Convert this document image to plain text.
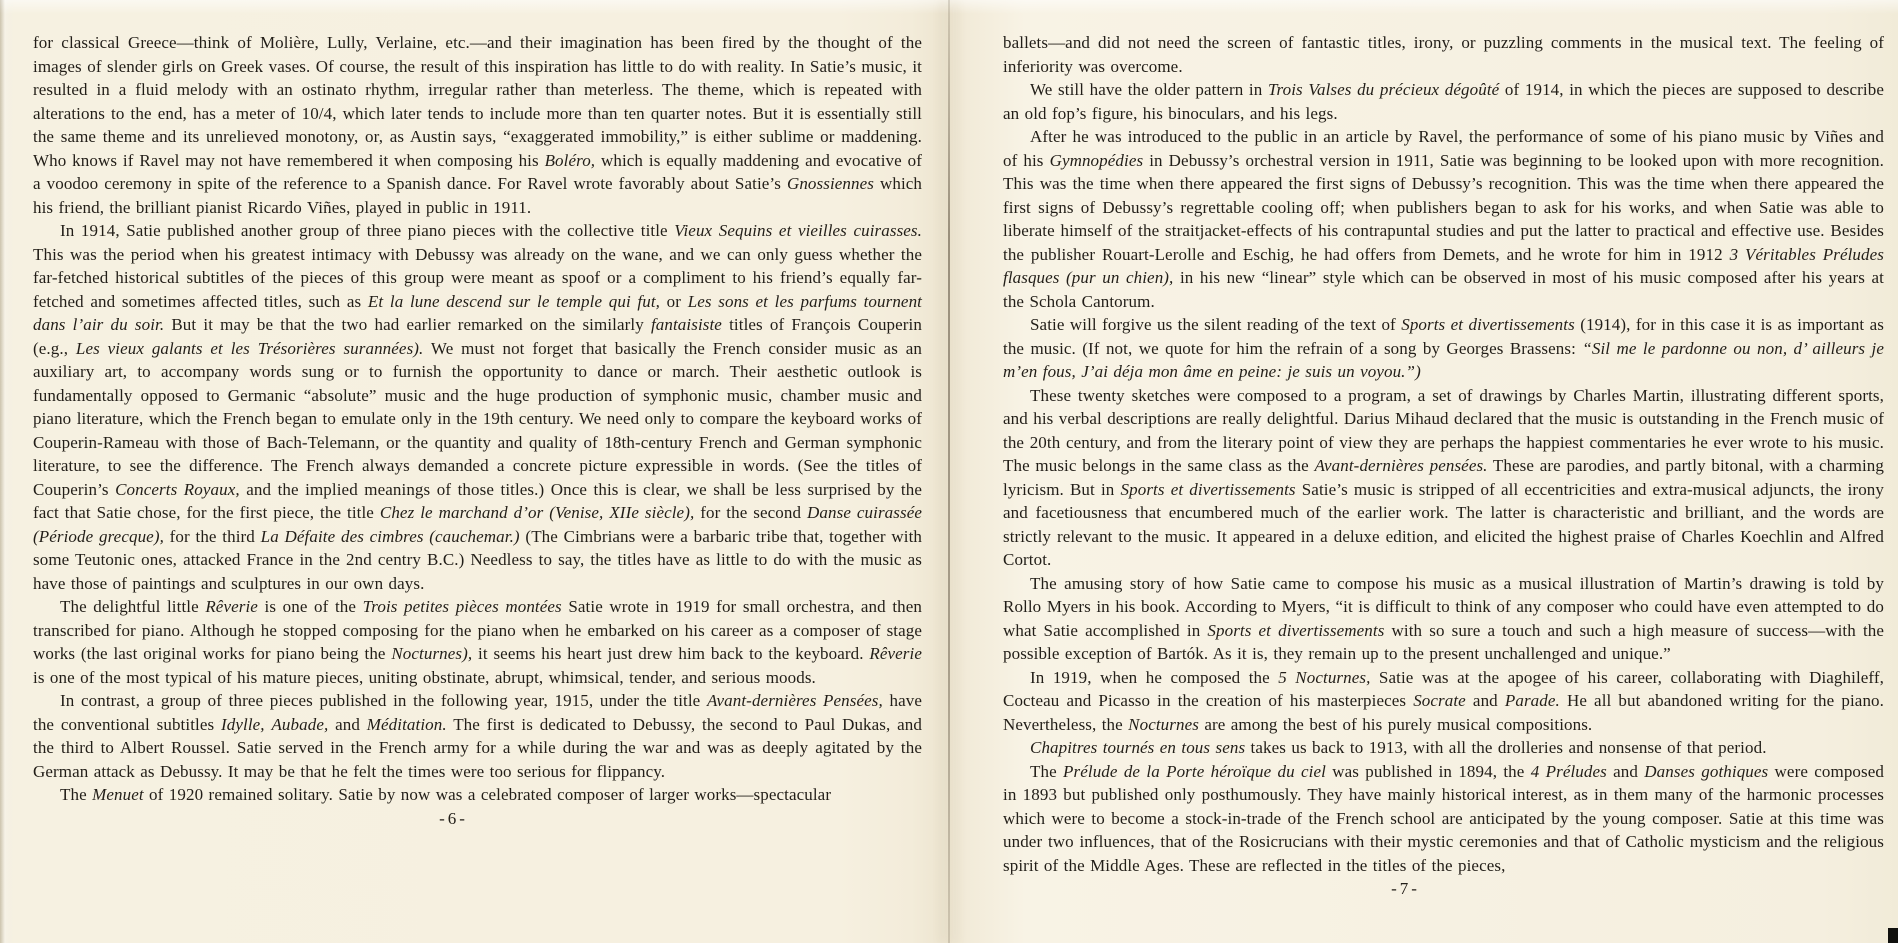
for classical Greece—think of Molière, Lully, Verlaine, etc.—and their imagination has been fired by the thought of the images of slender girls on Greek vases. Of course, the result of this inspiration has little to do with reality. In Satie’s music, it resulted in a fluid melody with an ostinato rhythm, irregular rather than meterless. The theme, which is repeated with alterations to the end, has a meter of 10/4, which later tends to include more than ten quarter notes. But it is essentially still the same theme and its unrelieved monotony, or, as Austin says, “exaggerated immobility,” is either sublime or maddening. Who knows if Ravel may not have remembered it when composing his Boléro, which is equally maddening and evocative of a voodoo ceremony in spite of the reference to a Spanish dance. For Ravel wrote favorably about Satie’s Gnossiennes which his friend, the brilliant pianist Ricardo Viñes, played in public in 1911.

In 1914, Satie published another group of three piano pieces with the collective title Vieux Sequins et vieilles cuirasses. This was the period when his greatest intimacy with Debussy was already on the wane, and we can only guess whether the far-fetched historical subtitles of the pieces of this group were meant as spoof or a compliment to his friend’s equally far-fetched and sometimes affected titles, such as Et la lune descend sur le temple qui fut, or Les sons et les parfums tournent dans l’air du soir. But it may be that the two had earlier remarked on the similarly fantaisiste titles of François Couperin (e.g., Les vieux galants et les Trésorières surannées). We must not forget that basically the French consider music as an auxiliary art, to accompany words sung or to furnish the opportunity to dance or march. Their aesthetic outlook is fundamentally opposed to Germanic “absolute” music and the huge production of symphonic music, chamber music and piano literature, which the French began to emulate only in the 19th century. We need only to compare the keyboard works of Couperin-Rameau with those of Bach-Telemann, or the quantity and quality of 18th-century French and German symphonic literature, to see the difference. The French always demanded a concrete picture expressible in words. (See the titles of Couperin’s Concerts Royaux, and the implied meanings of those titles.) Once this is clear, we shall be less surprised by the fact that Satie chose, for the first piece, the title Chez le marchand d’or (Venise, XIIe siècle), for the second Danse cuirassée (Période grecque), for the third La Défaite des cimbres (cauchemar.) (The Cimbrians were a barbaric tribe that, together with some Teutonic ones, attacked France in the 2nd centry B.C.) Needless to say, the titles have as little to do with the music as have those of paintings and sculptures in our own days.

The delightful little Rêverie is one of the Trois petites pièces montées Satie wrote in 1919 for small orchestra, and then transcribed for piano. Although he stopped composing for the piano when he embarked on his career as a composer of stage works (the last original works for piano being the Nocturnes), it seems his heart just drew him back to the keyboard. Rêverie is one of the most typical of his mature pieces, uniting obstinate, abrupt, whimsical, tender, and serious moods.

In contrast, a group of three pieces published in the following year, 1915, under the title Avant-dernières Pensées, have the conventional subtitles Idylle, Aubade, and Méditation. The first is dedicated to Debussy, the second to Paul Dukas, and the third to Albert Roussel. Satie served in the French army for a while during the war and was as deeply agitated by the German attack as Debussy. It may be that he felt the times were too serious for flippancy.

The Menuet of 1920 remained solitary. Satie by now was a celebrated composer of larger works—spectacular

-6-

ballets—and did not need the screen of fantastic titles, irony, or puzzling comments in the musical text. The feeling of inferiority was overcome.

We still have the older pattern in Trois Valses du précieux dégoûté of 1914, in which the pieces are supposed to describe an old fop’s figure, his binoculars, and his legs.

After he was introduced to the public in an article by Ravel, the performance of some of his piano music by Viñes and of his Gymnopédies in Debussy’s orchestral version in 1911, Satie was beginning to be looked upon with more recognition. This was the time when there appeared the first signs of Debussy’s recognition. This was the time when there appeared the first signs of Debussy’s regrettable cooling off; when publishers began to ask for his works, and when Satie was able to liberate himself of the straitjacket-effects of his contrapuntal studies and put the latter to practical and effective use. Besides the publisher Rouart-Lerolle and Eschig, he had offers from Demets, and he wrote for him in 1912 3 Véritables Préludes flasques (pur un chien), in his new “linear” style which can be observed in most of his music composed after his years at the Schola Cantorum.

Satie will forgive us the silent reading of the text of Sports et divertissements (1914), for in this case it is as important as the music. (If not, we quote for him the refrain of a song by Georges Brassens: “Sil me le pardonne ou non, d’ ailleurs je m’en fous, J’ai déja mon âme en peine: je suis un voyou.”)

These twenty sketches were composed to a program, a set of drawings by Charles Martin, illustrating different sports, and his verbal descriptions are really delightful. Darius Mihaud declared that the music is outstanding in the French music of the 20th century, and from the literary point of view they are perhaps the happiest commentaries he ever wrote to his music. The music belongs in the same class as the Avant-dernières pensées. These are parodies, and partly bitonal, with a charming lyricism. But in Sports et divertissements Satie’s music is stripped of all eccentricities and extra-musical adjuncts, the irony and facetiousness that encumbered much of the earlier work. The latter is characteristic and brilliant, and the words are strictly relevant to the music. It appeared in a deluxe edition, and elicited the highest praise of Charles Koechlin and Alfred Cortot.

The amusing story of how Satie came to compose his music as a musical illustration of Martin’s drawing is told by Rollo Myers in his book. According to Myers, “it is difficult to think of any composer who could have even attempted to do what Satie accomplished in Sports et divertissements with so sure a touch and such a high measure of success—with the possible exception of Bartók. As it is, they remain up to the present unchallenged and unique.”

In 1919, when he composed the 5 Nocturnes, Satie was at the apogee of his career, collaborating with Diaghileff, Cocteau and Picasso in the creation of his masterpieces Socrate and Parade. He all but abandoned writing for the piano. Nevertheless, the Nocturnes are among the best of his purely musical compositions.

Chapitres tournés en tous sens takes us back to 1913, with all the drolleries and nonsense of that period.

The Prélude de la Porte héroïque du ciel was published in 1894, the 4 Préludes and Danses gothiques were composed in 1893 but published only posthumously. They have mainly historical interest, as in them many of the harmonic processes which were to become a stock-in-trade of the French school are anticipated by the young composer. Satie at this time was under two influences, that of the Rosicrucians with their mystic ceremonies and that of Catholic mysticism and the religious spirit of the Middle Ages. These are reflected in the titles of the pieces,

-7-
